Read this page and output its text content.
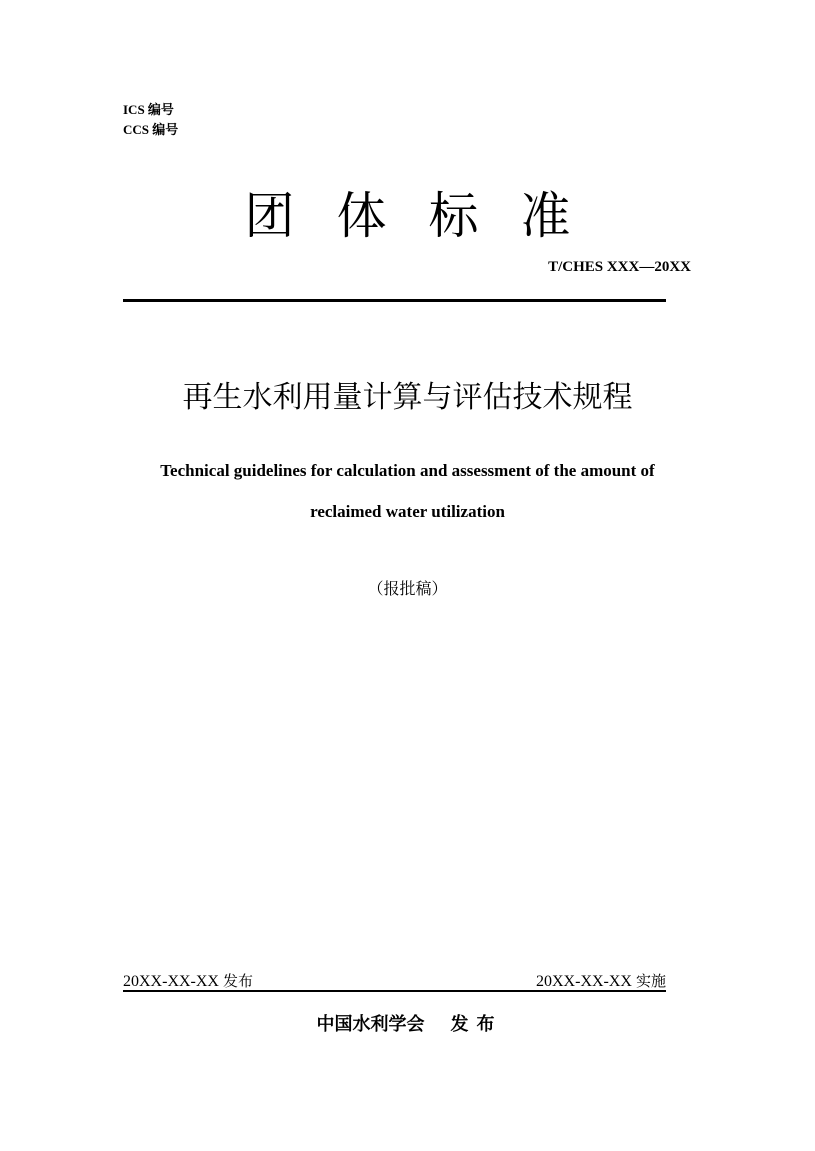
ICS 编号
CCS 编号
团 体 标 准
T/CHES XXX—20XX
再生水利用量计算与评估技术规程
Technical guidelines for calculation and assessment of the amount of
reclaimed water utilization
（报批稿）
20XX-XX-XX 发布	20XX-XX-XX 实施
中国水利学会 发 布
